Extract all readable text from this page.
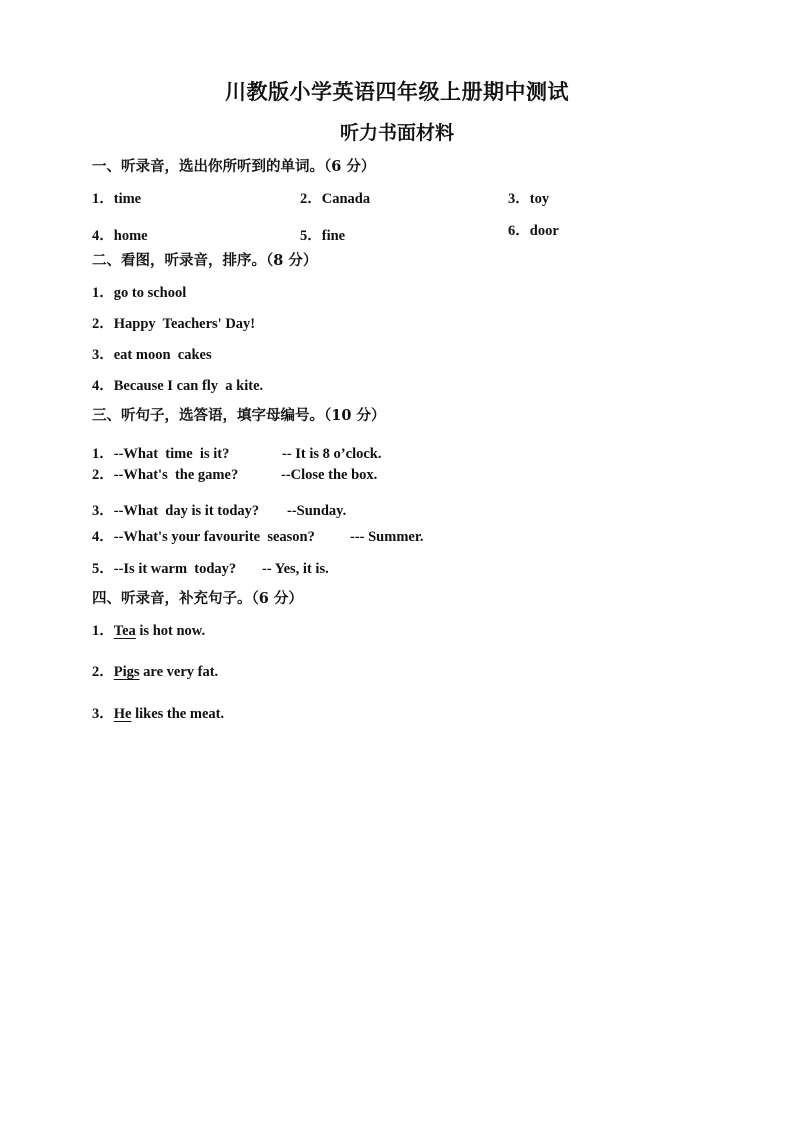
川教版小学英语四年级上册期中测试
听力书面材料
一、听录音，选出你所听到的单词。（6 分）
1．time	2．Canada	3．toy
4．home	5．fine	6．door
二、看图，听录音，排序。（8 分）
1．go to school
2．Happy  Teachers' Day!
3．eat moon  cakes
4．Because I can fly  a kite.
三、听句子，选答语，填字母编号。（10 分）
1．--What  time  is it?	-- It is 8 o’clock.
2．--What's  the game?	--Close the box.
3．--What  day is it today? --Sunday.
4．--What's your favourite  season? --- Summer.
5．--Is it warm  today? -- Yes, it is.
四、听录音，补充句子。（6 分）
1．Tea is hot now.
2．Pigs are very fat.
3．He likes the meat.
